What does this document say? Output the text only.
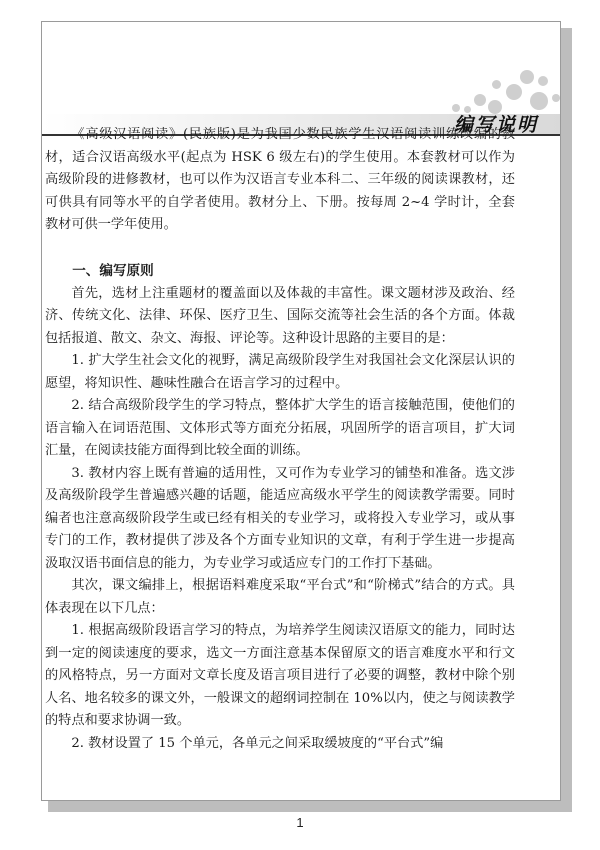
编写说明

《高级汉语阅读》(民族版)是为我国少数民族学生汉语阅读训练改编的教材，适合汉语高级水平(起点为 HSK 6 级左右)的学生使用。本套教材可以作为高级阶段的进修教材，也可以作为汉语言专业本科二、三年级的阅读课教材，还可供具有同等水平的自学者使用。教材分上、下册。按每周 2~4 学时计，全套教材可供一学年使用。

一、编写原则

首先，选材上注重题材的覆盖面以及体裁的丰富性。课文题材涉及政治、经济、传统文化、法律、环保、医疗卫生、国际交流等社会生活的各个方面。体裁包括报道、散文、杂文、海报、评论等。这种设计思路的主要目的是：

1. 扩大学生社会文化的视野，满足高级阶段学生对我国社会文化深层认识的愿望，将知识性、趣味性融合在语言学习的过程中。

2. 结合高级阶段学生的学习特点，整体扩大学生的语言接触范围，使他们的语言输入在词语范围、文体形式等方面充分拓展，巩固所学的语言项目，扩大词汇量，在阅读技能方面得到比较全面的训练。

3. 教材内容上既有普遍的适用性，又可作为专业学习的铺垫和准备。选文涉及高级阶段学生普遍感兴趣的话题，能适应高级水平学生的阅读教学需要。同时编者也注意高级阶段学生或已经有相关的专业学习，或将投入专业学习，或从事专门的工作，教材提供了涉及各个方面专业知识的文章，有利于学生进一步提高汲取汉语书面信息的能力，为专业学习或适应专门的工作打下基础。

其次，课文编排上，根据语料难度采取“平台式”和“阶梯式”结合的方式。具体表现在以下几点：

1. 根据高级阶段语言学习的特点，为培养学生阅读汉语原文的能力，同时达到一定的阅读速度的要求，选文一方面注意基本保留原文的语言难度水平和行文的风格特点，另一方面对文章长度及语言项目进行了必要的调整，教材中除个别人名、地名较多的课文外，一般课文的超纲词控制在 10%以内，使之与阅读教学的特点和要求协调一致。

2. 教材设置了 15 个单元，各单元之间采取缓坡度的“平台式”编

1
